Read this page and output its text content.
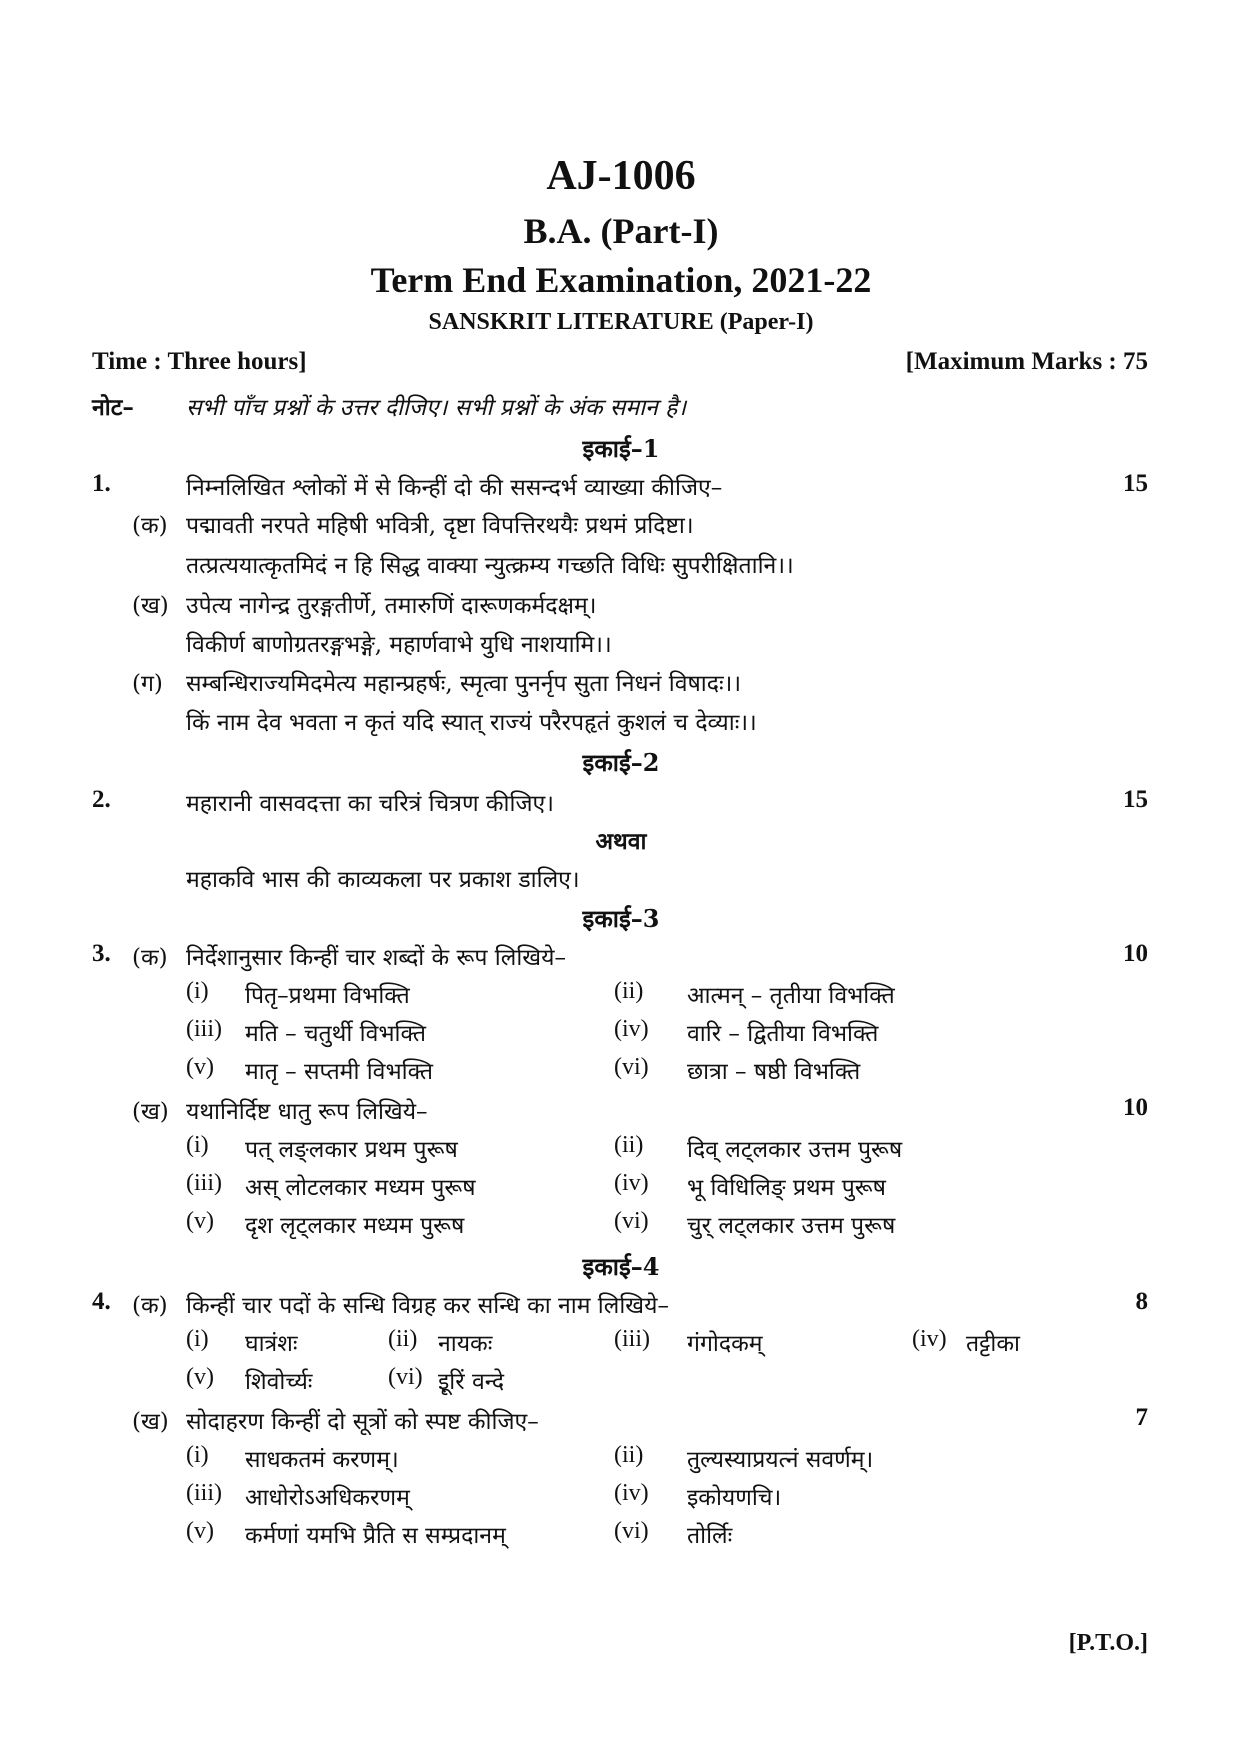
AJ-1006
B.A. (Part-I)
Term End Examination, 2021-22
SANSKRIT LITERATURE (Paper-I)
Time : Three hours]	[Maximum Marks : 75
नोट– सभी पाँच प्रश्नों के उत्तर दीजिए। सभी प्रश्नों के अंक समान है।
इकाई–1
1.	निम्नलिखित श्लोकों में से किन्हीं दो की ससन्दर्भ व्याख्या कीजिए–	15
(क) पद्मावती नरपते महिषी भवित्री, दृष्टा विपत्तिरथयैः प्रथमं प्रदिष्टा।
तत्प्रत्ययात्कृतमिदं न हि सिद्ध वाक्या न्युत्क्रम्य गच्छति विधिः सुपरीक्षितानि।।
(ख) उपेत्य नागेन्द्र तुरङ्गतीर्णे, तमारुणिं दारूणकर्मदक्षम्।
विकीर्ण बाणोग्रतरङ्गभङ्गे, महार्णवाभे युधि नाशयामि।।
(ग) सम्बन्धिराज्यमिदमेत्य महान्प्रहर्षः, स्मृत्वा पुनर्नृप सुता निधनं विषादः।।
किं नाम देव भवता न कृतं यदि स्यात् राज्यं परैरपहृतं कुशलं च देव्याः।।
इकाई–2
2.	महारानी वासवदत्ता का चरित्रं चित्रण कीजिए।	15
अथवा
महाकवि भास की काव्यकला पर प्रकाश डालिए।
इकाई–3
3. (क) निर्देशानुसार किन्हीं चार शब्दों के रूप लिखिये–	10
(i) पितृ–प्रथमा विभक्ति	(ii) आत्मन् – तृतीया विभक्ति
(iii) मति – चतुर्थी विभक्ति	(iv) वारि – द्वितीया विभक्ति
(v) मातृ – सप्तमी विभक्ति	(vi) छात्रा – षष्ठी विभक्ति
(ख) यथानिर्दिष्ट धातु रूप लिखिये–	10
(i) पत् लङ्लकार प्रथम पुरूष	(ii) दिव् लट्लकार उत्तम पुरूष
(iii) अस् लोटलकार मध्यम पुरूष	(iv) भू विधिलिङ् प्रथम पुरूष
(v) दृश लृट्लकार मध्यम पुरूष	(vi) चुर् लट्लकार उत्तम पुरूष
इकाई–4
4. (क) किन्हीं चार पदों के सन्धि विग्रह कर सन्धि का नाम लिखिये–	8
(i) घात्रंशः	(ii) नायकः	(iii) गंगोदकम्	(iv) तट्टीका
(v) शिवोर्च्यः	(vi) इूरिं वन्दे
(ख) सोदाहरण किन्हीं दो सूत्रों को स्पष्ट कीजिए–	7
(i) साधकतमं करणम्।	(ii) तुल्यस्याप्रयत्नं सवर्णम्।
(iii) आधोरोऽअधिकरणम्	(iv) इकोयणचि।
(v) कर्मणां यमभि प्रैति स सम्प्रदानम्	(vi) तोर्लिः
[P.T.O.]
